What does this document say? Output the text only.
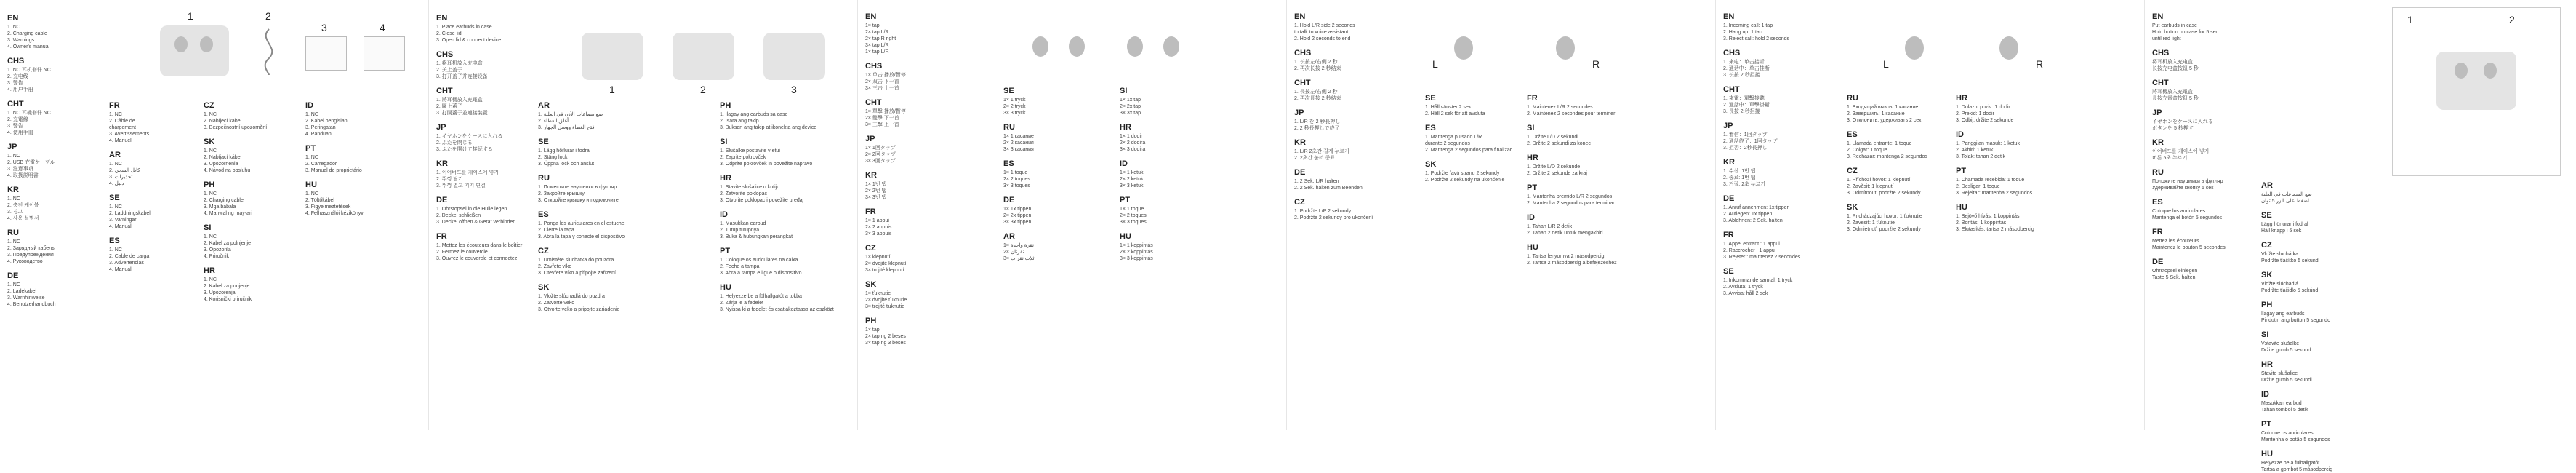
1	2
3	4
EN
1. NC
2. Charging cable
3. Warnings
4. Owner's manual
CHS
1. NC 耳机套件 NC
2. 充电线
3. 警告
4. 用户手册
CHT
1. NC 耳機套件 NC
2. 充電線
3. 警告
4. 使用手冊
JP
1. NC
2. USB 充電ケーブル
3. 注意事項
4. 取扱説明書
KR
1. NC
2. 충전 케이블
3. 경고
4. 사용 설명서
RU
1. NC
2. Зарядный кабель
3. Предупреждения
4. Руководство
DE
1. NC
2. Ladekabel
3. Warnhinweise
4. Benutzerhandbuch
FR
1. NC
2. Câble de
chargement
3. Avertissements
4. Manuel
AR
1. NC
2. كابل الشحن
3. تحذيرات
4. دليل
SE
1. NC
2. Laddningskabel
3. Varningar
4. Manual
ES
1. NC
2. Cable de carga
3. Advertencias
4. Manual
CZ
1. NC
2. Nabíjecí kabel
3. Bezpečnostní upozornění
SK
1. NC
2. Nabíjací kábel
3. Upozornenia
4. Návod na obsluhu
PH
1. NC
2. Charging cable
3. Mga babala
4. Manwal ng may-ari
SI
1. NC
2. Kabel za polnjenje
3. Opozorila
4. Priročnik
HR
1. NC
2. Kabel za punjenje
3. Upozorenja
4. Korisnički priručnik
ID
1. NC
2. Kabel pengisian
3. Peringatan
4. Panduan
PT
1. NC
2. Carregador
3. Manual de proprietário
HU
1. NC
2. Töltőkábel
3. Figyelmeztetések
4. Felhasználói kézikönyv
1	2	3
EN
1. Place earbuds in case
2. Close lid
3. Open lid & connect device
CHS
1. 将耳机放入充电盒
2. 关上盖子
3. 打开盖子并连接设备
CHT
1. 將耳機放入充電盒
2. 關上蓋子
3. 打開蓋子並連接裝置
JP
1. イヤホンをケースに入れる
2. ふたを閉じる
3. ふたを開けて接続する
KR
1. 이어버드를 케이스에 넣기
2. 뚜껑 닫기
3. 뚜껑 열고 기기 연결
DE
1. Ohrstöpsel in die Hülle legen
2. Deckel schließen
3. Deckel öffnen & Gerät verbinden
FR
1. Mettez les écouteurs dans le boîtier
2. Fermez le couvercle
3. Ouvrez le couvercle et connectez
AR
1. ضع سماعات الأذن في العلبة
2. أغلق الغطاء
3. افتح الغطاء ووصل الجهاز
SE
1. Lägg hörlurar i fodral
2. Stäng lock
3. Öppna lock och anslut
RU
1. Поместите наушники в футляр
2. Закройте крышку
3. Откройте крышку и подключите
ES
1. Ponga los auriculares en el estuche
2. Cierre la tapa
3. Abra la tapa y conecte el dispositivo
CZ
1. Umístěte sluchátka do pouzdra
2. Zavřete víko
3. Otevřete víko a připojte zařízení
SK
1. Vložte slúchadlá do puzdra
2. Zatvorte veko
3. Otvorte veko a pripojte zariadenie
PH
1. Ilagay ang earbuds sa case
2. Isara ang takip
3. Buksan ang takip at ikonekta ang device
SI
1. Slušalke postavite v etui
2. Zaprite pokrovček
3. Odprite pokrovček in povežite napravo
HR
1. Stavite slušalice u kutiju
2. Zatvorite poklopac
3. Otvorite poklopac i povežite uređaj
ID
1. Masukkan earbud
2. Tutup tutupnya
3. Buka & hubungkan perangkat
PT
1. Coloque os auriculares na caixa
2. Feche a tampa
3. Abra a tampa e ligue o dispositivo
HU
1. Helyezze be a fülhallgatót a tokba
2. Zárja le a fedelet
3. Nyissa ki a fedelet és csatlakoztassa az eszközt
EN
1× tap
2× tap L/R
2× tap R right
3× tap L/R
1× tap L/R
CHS
1× 单击 播放/暂停
2× 双击 下一首
3× 三击 上一首
CHT
1× 單擊 播放/暫停
2× 雙擊 下一首
3× 三擊 上一首
JP
1× 1回タップ
2× 2回タップ
3× 3回タップ
KR
1× 1번 탭
2× 2번 탭
3× 3번 탭
FR
1× 1 appui
2× 2 appuis
3× 3 appuis
CZ
1× klepnutí
2× dvojité klepnutí
3× trojité klepnutí
SK
1× ťuknutie
2× dvojité ťuknutie
3× trojité ťuknutie
PH
1× tap
2× tap ng 2 beses
3× tap ng 3 beses
SE
1× 1 tryck
2× 2 tryck
3× 3 tryck
RU
1× 1 касание
2× 2 касания
3× 3 касания
ES
1× 1 toque
2× 2 toques
3× 3 toques
DE
1× 1x tippen
2× 2x tippen
3× 3x tippen
AR
1× نقرة واحدة
2× نقرتان
3× ثلاث نقرات
SI
1× 1x tap
2× 2x tap
3× 3x tap
HR
1× 1 dodir
2× 2 dodira
3× 3 dodira
ID
1× 1 ketuk
2× 2 ketuk
3× 3 ketuk
PT
1× 1 toque
2× 2 toques
3× 3 toques
HU
1× 1 koppintás
2× 2 koppintás
3× 3 koppintás
L	R
EN
1. Hold L/R side 2 seconds
to talk to voice assistant
2. Hold 2 seconds to end
CHS
1. 长按左/右侧 2 秒
2. 再次长按 2 秒结束
CHT
1. 長按左/右側 2 秒
2. 再次長按 2 秒結束
JP
1. L/R を 2 秒長押し
2. 2 秒長押しで終了
KR
1. L/R 2초간 길게 누르기
2. 2초간 눌러 종료
DE
1. 2 Sek. L/R halten
2. 2 Sek. halten zum Beenden
CZ
1. Podržte L/P 2 sekundy
2. Podržte 2 sekundy pro ukončení
SE
1. Håll vänster 2 sek
2. Håll 2 sek för att avsluta
ES
1. Mantenga pulsado L/R
durante 2 segundos
2. Mantenga 2 segundos para finalizar
SK
1. Podržte ľavú stranu 2 sekundy
2. Podržte 2 sekundy na ukončenie
FR
1. Maintenez L/R 2 secondes
2. Maintenez 2 secondes pour terminer
SI
1. Držite L/D 2 sekundi
2. Držite 2 sekundi za konec
HR
1. Držite L/D 2 sekunde
2. Držite 2 sekunde za kraj
PT
1. Mantenha premido L/R 2 segundos
2. Mantenha 2 segundos para terminar
ID
1. Tahan L/R 2 detik
2. Tahan 2 detik untuk mengakhiri
HU
1. Tartsa lenyomva 2 másodpercig
2. Tartsa 2 másodpercig a befejezéshez
L	R
EN
1. Incoming call: 1 tap
2. Hang up: 1 tap
3. Reject call: hold 2 seconds
CHS
1. 来电：单击接听
2. 通话中：单击挂断
3. 长按 2 秒拒接
CHT
1. 來電：單擊接聽
2. 通話中：單擊掛斷
3. 長按 2 秒拒接
JP
1. 着信：1回タップ
2. 通話終了：1回タップ
3. 拒否：2秒長押し
KR
1. 수신: 1번 탭
2. 종료: 1번 탭
3. 거절: 2초 누르기
DE
1. Anruf annehmen: 1x tippen
2. Auflegen: 1x tippen
3. Ablehnen: 2 Sek. halten
FR
1. Appel entrant : 1 appui
2. Raccrocher : 1 appui
3. Rejeter : maintenez 2 secondes
SE
1. Inkommande samtal: 1 tryck
2. Avsluta: 1 tryck
3. Avvisa: håll 2 sek
RU
1. Входящий вызов: 1 касание
2. Завершить: 1 касание
3. Отклонить: удерживать 2 сек
ES
1. Llamada entrante: 1 toque
2. Colgar: 1 toque
3. Rechazar: mantenga 2 segundos
CZ
1. Příchozí hovor: 1 klepnutí
2. Zavěsit: 1 klepnutí
3. Odmítnout: podržte 2 sekundy
SK
1. Prichádzajúci hovor: 1 ťuknutie
2. Zavesiť: 1 ťuknutie
3. Odmietnuť: podržte 2 sekundy
HR
1. Dolazni poziv: 1 dodir
2. Prekid: 1 dodir
3. Odbij: držite 2 sekunde
ID
1. Panggilan masuk: 1 ketuk
2. Akhiri: 1 ketuk
3. Tolak: tahan 2 detik
PT
1. Chamada recebida: 1 toque
2. Desligar: 1 toque
3. Rejeitar: mantenha 2 segundos
HU
1. Bejövő hívás: 1 koppintás
2. Bontás: 1 koppintás
3. Elutasítás: tartsa 2 másodpercig
1	2
EN
Put earbuds in case
Hold button on case for 5 sec
until red light
CHS
将耳机放入充电盒
长按充电盒按钮 5 秒
CHT
將耳機放入充電盒
長按充電盒按鈕 5 秒
JP
イヤホンをケースに入れる
ボタンを 5 秒押す
KR
이어버드를 케이스에 넣기
버튼 5초 누르기
RU
Положите наушники в футляр
Удерживайте кнопку 5 сек
ES
Coloque los auriculares
Mantenga el botón 5 segundos
FR
Mettez les écouteurs
Maintenez le bouton 5 secondes
DE
Ohrstöpsel einlegen
Taste 5 Sek. halten
AR
ضع السماعات في العلبة
اضغط على الزر 5 ثوان
SE
Lägg hörlurar i fodral
Håll knapp i 5 sek
CZ
Vložte sluchátka
Podržte tlačítko 5 sekund
SK
Vložte slúchadlá
Podržte tlačidlo 5 sekúnd
PH
Ilagay ang earbuds
Pindutin ang button 5 segundo
SI
Vstavite slušalke
Držite gumb 5 sekund
HR
Stavite slušalice
Držite gumb 5 sekundi
ID
Masukkan earbud
Tahan tombol 5 detik
PT
Coloque os auriculares
Mantenha o botão 5 segundos
HU
Helyezze be a fülhallgatót
Tartsa a gombot 5 másodpercig
